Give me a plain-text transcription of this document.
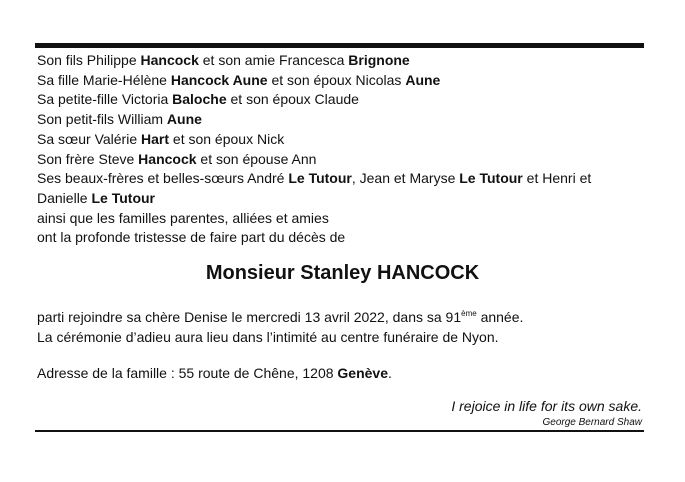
Son fils Philippe Hancock et son amie Francesca Brignone
Sa fille Marie-Hélène Hancock Aune et son époux Nicolas Aune
Sa petite-fille Victoria Baloche et son époux Claude
Son petit-fils William Aune
Sa sœur Valérie Hart et son époux Nick
Son frère Steve Hancock et son épouse Ann
Ses beaux-frères et belles-sœurs André Le Tutour, Jean et Maryse Le Tutour et Henri et Danielle Le Tutour
ainsi que les familles parentes, alliées et amies
ont la profonde tristesse de faire part du décès de
Monsieur Stanley HANCOCK
parti rejoindre sa chère Denise le mercredi 13 avril 2022, dans sa 91ème année.
La cérémonie d’adieu aura lieu dans l’intimité au centre funéraire de Nyon.
Adresse de la famille : 55 route de Chêne, 1208 Genève.
I rejoice in life for its own sake.
George Bernard Shaw
